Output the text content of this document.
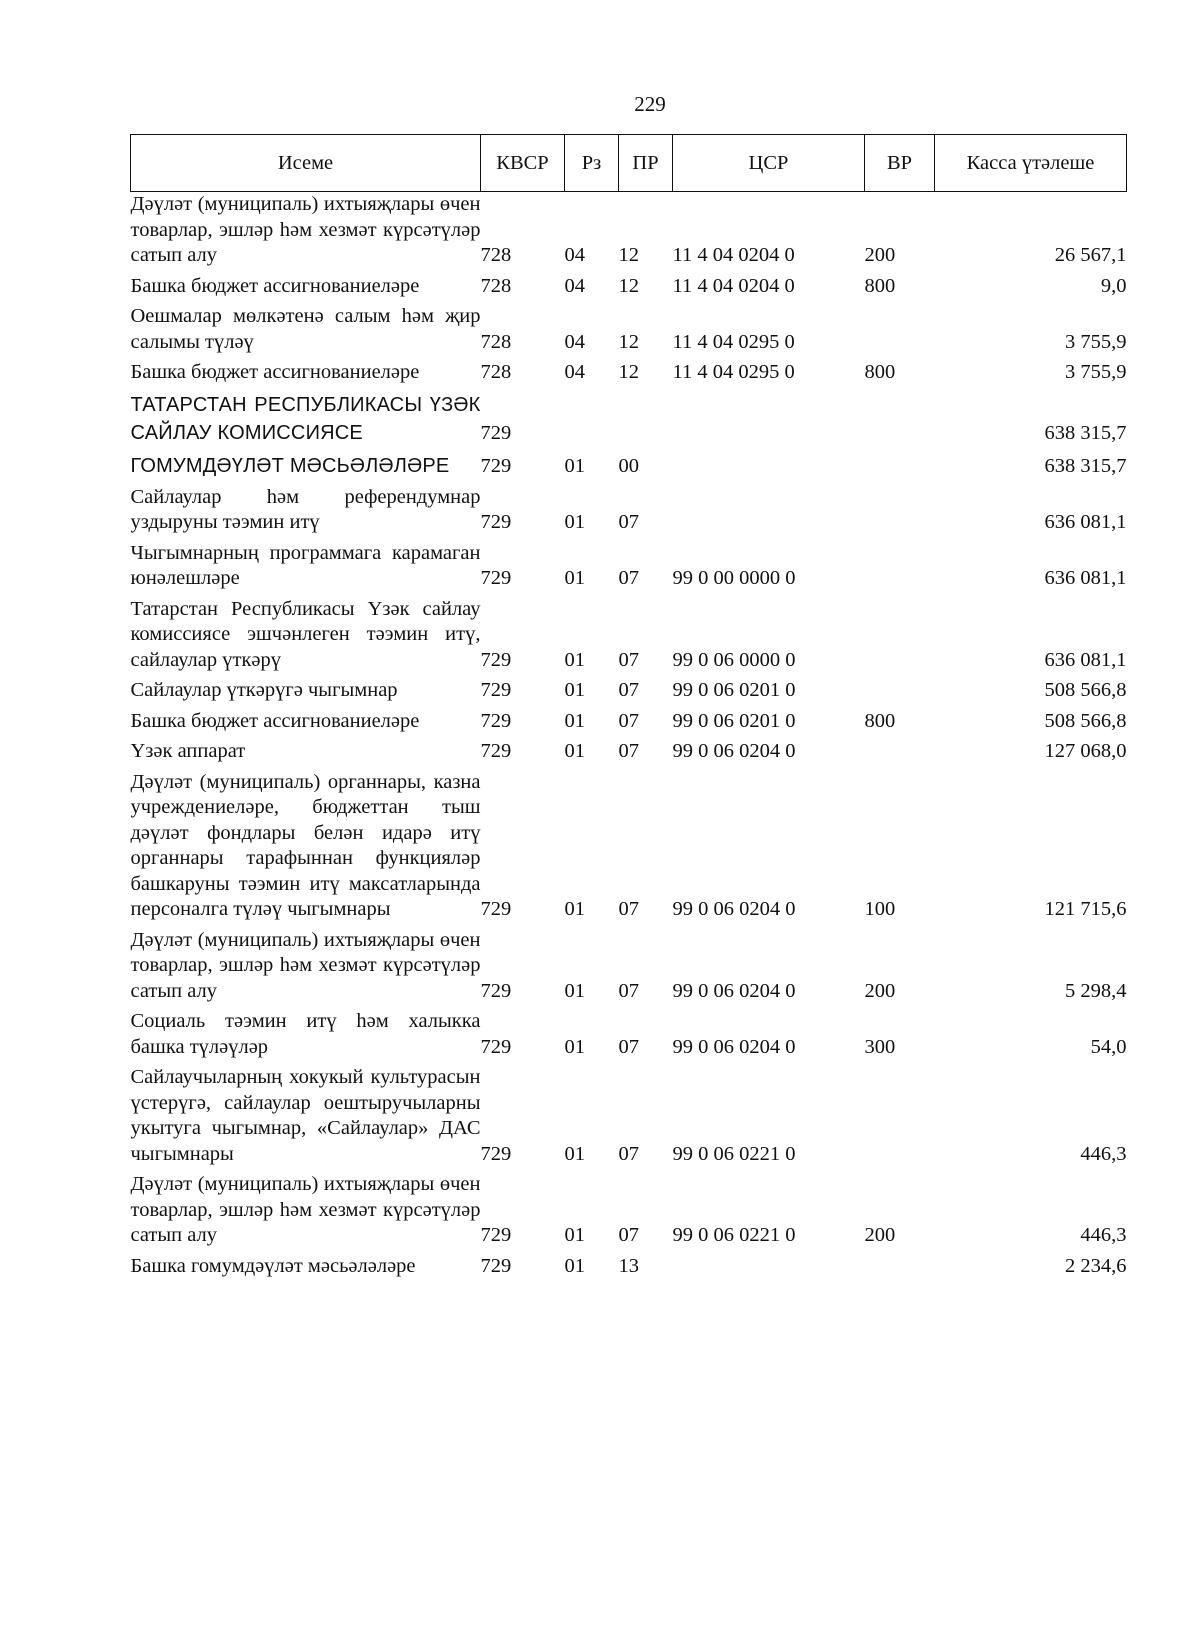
229
Исеме	КВСР	Рз	ПР	ЦСР	ВР	Касса үтәлеше
Дәүләт (муниципаль) ихтыяҗлары өчен товарлар, эшләр һәм хезмәт күрсәтүләр сатып алу	728	04	12	11 4 04 0204 0	200	26 567,1
Башка бюджет ассигнованиеләре	728	04	12	11 4 04 0204 0	800	9,0
Оешмалар мөлкәтенә салым һәм җир салымы түләү	728	04	12	11 4 04 0295 0		3 755,9
Башка бюджет ассигнованиеләре	728	04	12	11 4 04 0295 0	800	3 755,9
ТАТАРСТАН РЕСПУБЛИКАСЫ ҮЗӘК САЙЛАУ КОМИССИЯСЕ	729					638 315,7
ГОМУМДӘҮЛӘТ МӘСЬӘЛӘЛӘРЕ	729	01	00			638 315,7
Сайлаулар һәм референдумнар уздыруны тәэмин итү	729	01	07			636 081,1
Чыгымнарның программага карамаган юнәлешләре	729	01	07	99 0 00 0000 0		636 081,1
Татарстан Республикасы Үзәк сайлау комиссиясе эшчәнлеген тәэмин итү, сайлаулар үткәрү	729	01	07	99 0 06 0000 0		636 081,1
Сайлаулар үткәрүгә чыгымнар	729	01	07	99 0 06 0201 0		508 566,8
Башка бюджет ассигнованиеләре	729	01	07	99 0 06 0201 0	800	508 566,8
Үзәк аппарат	729	01	07	99 0 06 0204 0		127 068,0
Дәүләт (муниципаль) органнары, казна учреждениеләре, бюджеттан тыш дәүләт фондлары белән идарә итү органнары тарафыннан функцияләр башкаруны тәэмин итү максатларында персоналга түләү чыгымнары	729	01	07	99 0 06 0204 0	100	121 715,6
Дәүләт (муниципаль) ихтыяҗлары өчен товарлар, эшләр һәм хезмәт күрсәтүләр сатып алу	729	01	07	99 0 06 0204 0	200	5 298,4
Социаль тәэмин итү һәм халыкка башка түләүләр	729	01	07	99 0 06 0204 0	300	54,0
Сайлаучыларның хокукый культурасын үстерүгә, сайлаулар оештыручыларны укытуга чыгымнар, «Сайлаулар» ДАС чыгымнары	729	01	07	99 0 06 0221 0		446,3
Дәүләт (муниципаль) ихтыяҗлары өчен товарлар, эшләр һәм хезмәт күрсәтүләр сатып алу	729	01	07	99 0 06 0221 0	200	446,3
Башка гомумдәүләт мәсьәләләре	729	01	13			2 234,6
